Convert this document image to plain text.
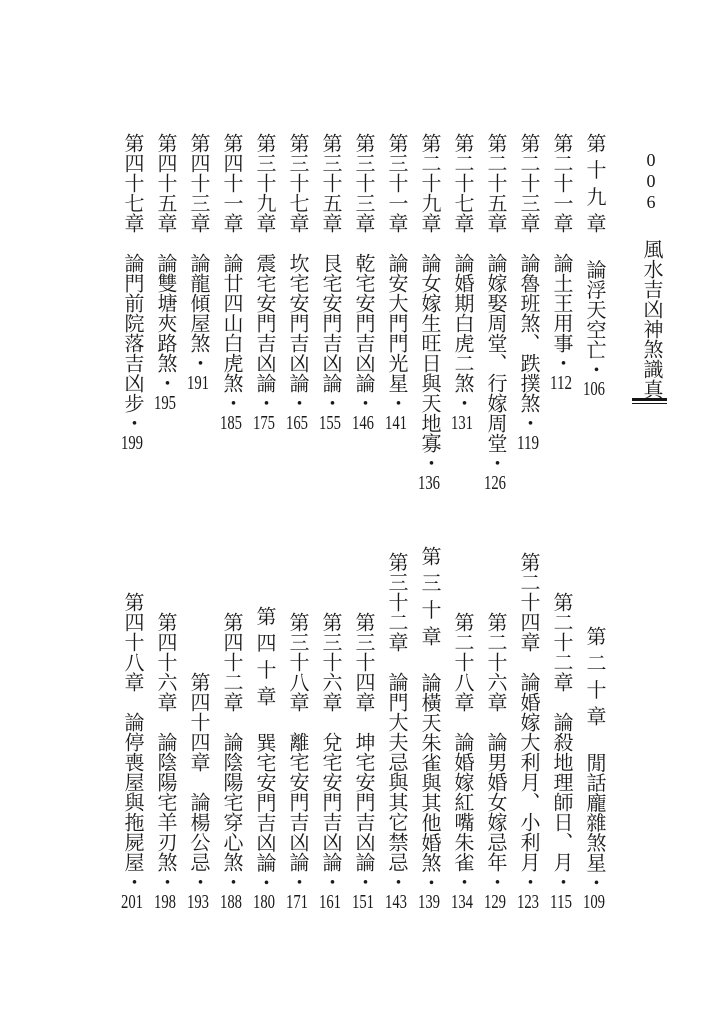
006風水吉凶神煞識真
第十九章　論浮天空亡・106
第二十一章　論土王用事・112
第二十三章　論魯班煞、跌撲煞・119
第二十五章　論嫁娶周堂、行嫁周堂・126
第二十七章　論婚期白虎二煞・131
第二十九章　論女嫁生旺日與天地寡・136
第三十一章　論安大門門光星・141
第三十三章　乾宅安門吉凶論・146
第三十五章　艮宅安門吉凶論・155
第三十七章　坎宅安門吉凶論・165
第三十九章　震宅安門吉凶論・175
第四十一章　論廿四山白虎煞・185
第四十三章　論龍傾屋煞・191
第四十五章　論雙塘夾路煞・195
第四十七章　論門前院落吉凶步・199
第二十章　閒話龐雜煞星・109
第二十二章　論殺地理師日、月・115
第二十四章　論婚嫁大利月、小利月・123
第二十六章　論男婚女嫁忌年・129
第二十八章　論婚嫁紅嘴朱雀・134
第三十章　論橫天朱雀與其他婚煞・139
第三十二章　論門大夫忌與其它禁忌・143
第三十四章　坤宅安門吉凶論・151
第三十六章　兌宅安門吉凶論・161
第三十八章　離宅安門吉凶論・171
第四十章　巽宅安門吉凶論・180
第四十二章　論陰陽宅穿心煞・188
第四十四章　論楊公忌・193
第四十六章　論陰陽宅羊刃煞・198
第四十八章　論停喪屋與拖屍屋・201
